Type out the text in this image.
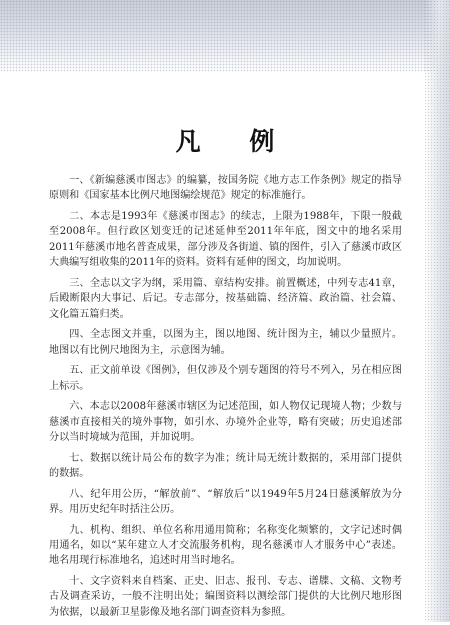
凡 例

一、《新编慈溪市图志》的编纂，按国务院《地方志工作条例》规定的指导原则和《国家基本比例尺地图编绘规范》规定的标准施行。

二、本志是1993年《慈溪市图志》的续志，上限为1988年，下限一般截至2008年。但行政区划变迁的记述延伸至2011年年底，图文中的地名采用2011年慈溪市地名普查成果，部分涉及各街道、镇的图件，引入了慈溪市政区大典编写组收集的2011年的资料。资料有延伸的图文，均加说明。

三、全志以文字为纲，采用篇、章结构安排。前置概述，中列专志41章，后殿断限内大事记、后记。专志部分，按基础篇、经济篇、政治篇、社会篇、文化篇五篇归类。

四、全志图文并重，以图为主，图以地图、统计图为主，辅以少量照片。地图以有比例尺地图为主，示意图为辅。

五、正文前单设《图例》，但仅涉及个别专题图的符号不列入，另在相应图上标示。

六、本志以2008年慈溪市辖区为记述范围，如人物仅记现境人物；少数与慈溪市直接相关的境外事物，如引水、办境外企业等，略有突破；历史追述部分以当时境域为范围，并加说明。

七、数据以统计局公布的数字为准；统计局无统计数据的，采用部门提供的数据。

八、纪年用公历，“解放前”、“解放后”以1949年5月24日慈溪解放为分界。用历史纪年时括注公历。

九、机构、组织、单位名称用通用简称；名称变化频繁的，文字记述时偶用通名，如以“某年建立人才交流服务机构，现名慈溪市人才服务中心”表述。地名用现行标准地名，追述时用当时地名。

十、文字资料来自档案、正史、旧志、报刊、专志、谱牒、文稿、文物考古及调查采访，一般不注明出处；编图资料以测绘部门提供的大比例尺地形图为依据，以最新卫星影像及地名部门调查资料为参照。
